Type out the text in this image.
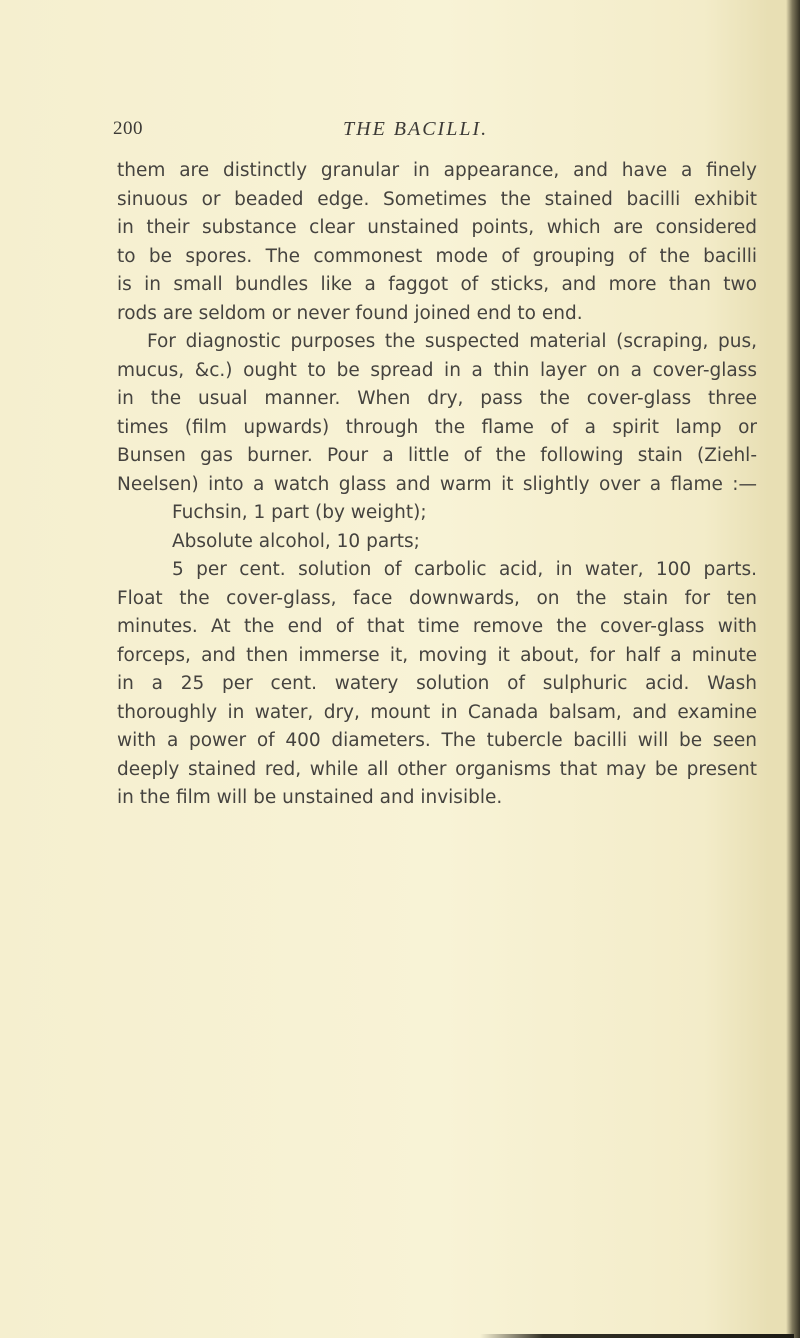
200	THE BACILLI.
them are distinctly granular in appearance, and have a finely
sinuous or beaded edge. Sometimes the stained bacilli exhibit
in their substance clear unstained points, which are considered
to be spores. The commonest mode of grouping of the bacilli
is in small bundles like a faggot of sticks, and more than two
rods are seldom or never found joined end to end.
For diagnostic purposes the suspected material (scraping, pus,
mucus, &c.) ought to be spread in a thin layer on a cover-glass
in the usual manner. When dry, pass the cover-glass three
times (film upwards) through the flame of a spirit lamp or
Bunsen gas burner. Pour a little of the following stain (Ziehl-
Neelsen) into a watch glass and warm it slightly over a flame :—
Fuchsin, 1 part (by weight);
Absolute alcohol, 10 parts;
5 per cent. solution of carbolic acid, in water, 100 parts.
Float the cover-glass, face downwards, on the stain for ten
minutes. At the end of that time remove the cover-glass with
forceps, and then immerse it, moving it about, for half a minute
in a 25 per cent. watery solution of sulphuric acid. Wash
thoroughly in water, dry, mount in Canada balsam, and examine
with a power of 400 diameters. The tubercle bacilli will be seen
deeply stained red, while all other organisms that may be present
in the film will be unstained and invisible.
